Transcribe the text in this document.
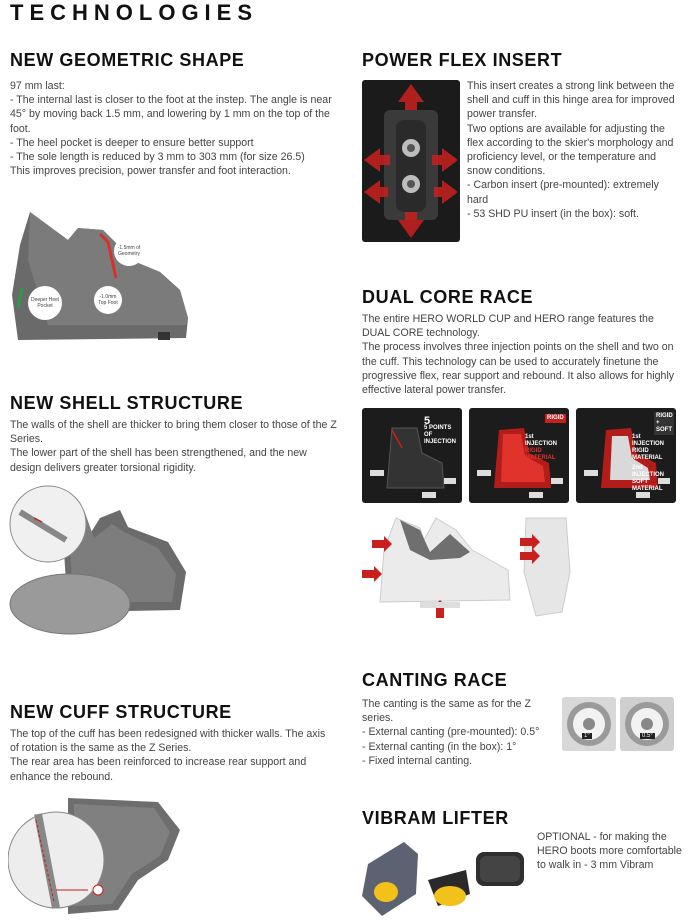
TECHNOLOGIES
NEW GEOMETRIC SHAPE
97 mm last:
- The internal last is closer to the foot at the instep. The angle is near 45° by moving back 1.5 mm, and lowering by 1 mm on the top of the foot.
- The heel pocket is deeper to ensure better support
- The sole length is reduced by 3 mm to 303 mm (for size 26.5)
This improves precision, power transfer and foot interaction.
-1.5mm of Geometry
Deeper Heel Pocket
-1.0mm Top Foot
POWER FLEX INSERT
This insert creates a strong link between the shell and cuff in this hinge area for improved power transfer.
Two options are available for adjusting the flex according to the skier's morphology and proficiency level, or the temperature and snow conditions.
- Carbon insert (pre-mounted): extremely hard
- 53 SHD PU insert (in the box): soft.
DUAL CORE RACE
The entire HERO WORLD CUP and HERO range features the DUAL CORE technology.
The process involves three injection points on the shell and two on the cuff. This technology can be used to accurately finetune the progressive flex, rear support and rebound. It also allows for highly effective lateral power transfer.
5
5 POINTS OF INJECTION
1st INJECTION
RIGID MATERIAL
RIGID
1st INJECTION RIGID MATERIAL
2nd INJECTION SOFT MATERIAL
RIGID + SOFT
NEW SHELL STRUCTURE
The walls of the shell are thicker to bring them closer to those of the Z Series.
The lower part of the shell has been strengthened, and the new design delivers greater torsional rigidity.
CANTING RACE
The canting is the same as for the Z series.
- External canting (pre-mounted): 0.5°
- External canting (in the box): 1°
- Fixed internal canting.
1°	0.5°
NEW CUFF STRUCTURE
The top of the cuff has been redesigned with thicker walls. The axis of rotation is the same as the Z Series.
The rear area has been reinforced to increase rear support and enhance the rebound.
VIBRAM LIFTER
OPTIONAL - for making the HERO boots more comfortable to walk in - 3 mm Vibram
